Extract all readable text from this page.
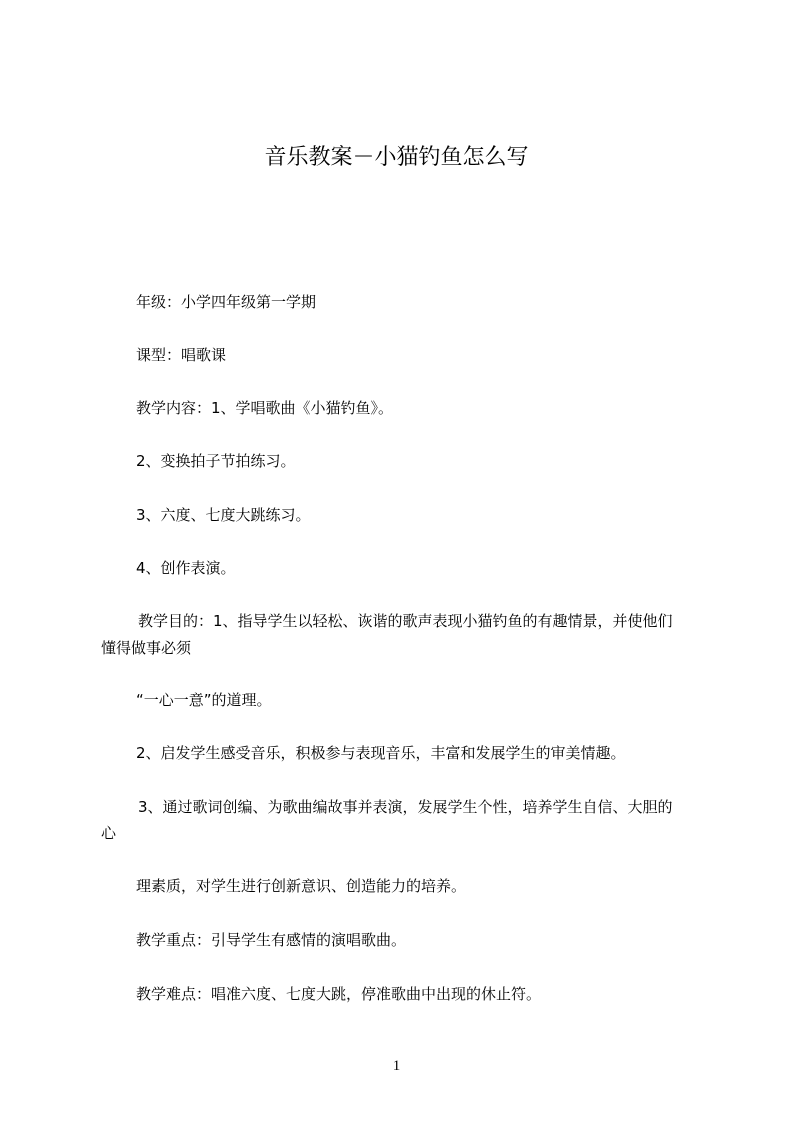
音乐教案－小猫钓鱼怎么写
年级：小学四年级第一学期
课型：唱歌课
教学内容：1、学唱歌曲《小猫钓鱼》。
2、变换拍子节拍练习。
3、六度、七度大跳练习。
4、创作表演。
教学目的：1、指导学生以轻松、诙谐的歌声表现小猫钓鱼的有趣情景，并使他们
懂得做事必须
“一心一意”的道理。
2、启发学生感受音乐，积极参与表现音乐，丰富和发展学生的审美情趣。
3、通过歌词创编、为歌曲编故事并表演，发展学生个性，培养学生自信、大胆的
心
理素质，对学生进行创新意识、创造能力的培养。
教学重点：引导学生有感情的演唱歌曲。
教学难点：唱准六度、七度大跳，停准歌曲中出现的休止符。
1
